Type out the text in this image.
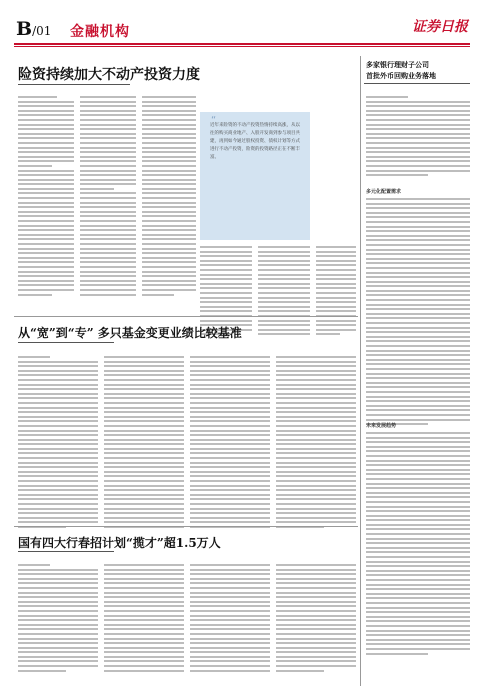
B/01 金融机构	证券日报
险资持续加大不动产投资力度
“
近年来险资的不动产投资热情持续高涨，从以往的购买商业地产、入股开发商到参与项目共建，再到如今通过股权投资、债权计划等方式进行不动产投资，险资的投资路径正在不断丰富。
多家银行理财子公司
首批外币回购业务落地
多元化配置需求
未来发展趋势
从“宽”到“专” 多只基金变更业绩比较基准
国有四大行春招计划“揽才”超1.5万人
